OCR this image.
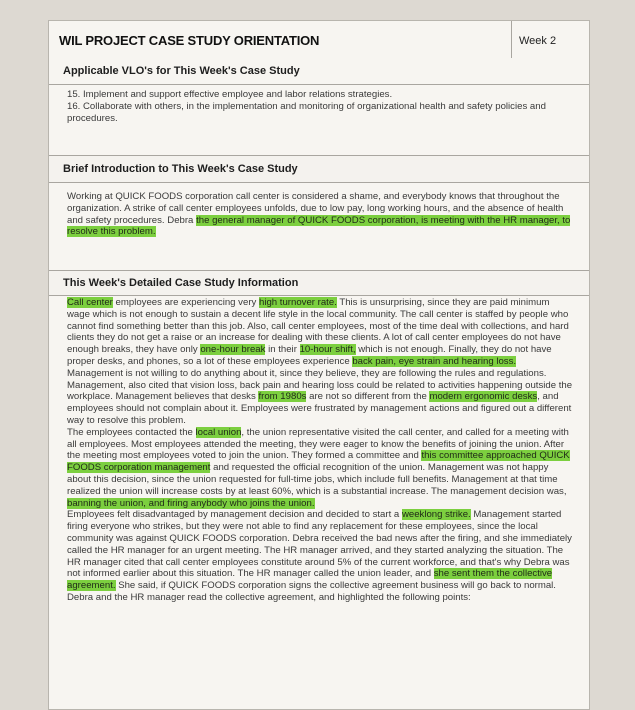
WIL PROJECT CASE STUDY ORIENTATION	Week 2
Applicable VLO's for This Week's Case Study
15. Implement and support effective employee and labor relations strategies.
16. Collaborate with others, in the implementation and monitoring of organizational health and safety policies and procedures.
Brief Introduction to This Week's Case Study
Working at QUICK FOODS corporation call center is considered a shame, and everybody knows that throughout the organization. A strike of call center employees unfolds, due to low pay, long working hours, and the absence of health and safety procedures. Debra the general manager of QUICK FOODS corporation, is meeting with the HR manager, to resolve this problem.
This Week's Detailed Case Study Information
Call center employees are experiencing very high turnover rate. This is unsurprising, since they are paid minimum wage which is not enough to sustain a decent life style in the local community. The call center is staffed by people who cannot find something better than this job. Also, call center employees, most of the time deal with collections, and hard clients they do not get a raise or an increase for dealing with these clients. A lot of call center employees do not have enough breaks, they have only one-hour break in their 10-hour shift, which is not enough. Finally, they do not have proper desks, and phones, so a lot of these employees experience back pain, eye strain and hearing loss.
Management is not willing to do anything about it, since they believe, they are following the rules and regulations. Management, also cited that vision loss, back pain and hearing loss could be related to activities happening outside the workplace. Management believes that desks from 1980s are not so different from the modern ergonomic desks, and employees should not complain about it. Employees were frustrated by management actions and figured out a different way to resolve this problem.
The employees contacted the local union, the union representative visited the call center, and called for a meeting with all employees. Most employees attended the meeting, they were eager to know the benefits of joining the union. After the meeting most employees voted to join the union. They formed a committee and this committee approached QUICK FOODS corporation management and requested the official recognition of the union. Management was not happy about this decision, since the union requested for full-time jobs, which include full benefits. Management at that time realized the union will increase costs by at least 60%, which is a substantial increase. The management decision was, banning the union, and firing anybody who joins the union.
Employees felt disadvantaged by management decision and decided to start a weeklong strike. Management started firing everyone who strikes, but they were not able to find any replacement for these employees, since the local community was against QUICK FOODS corporation. Debra received the bad news after the firing, and she immediately called the HR manager for an urgent meeting. The HR manager arrived, and they started analyzing the situation. The HR manager cited that call center employees constitute around 5% of the current workforce, and that's why Debra was not informed earlier about this situation. The HR manager called the union leader, and she sent them the collective agreement. She said, if QUICK FOODS corporation signs the collective agreement business will go back to normal.
Debra and the HR manager read the collective agreement, and highlighted the following points:
